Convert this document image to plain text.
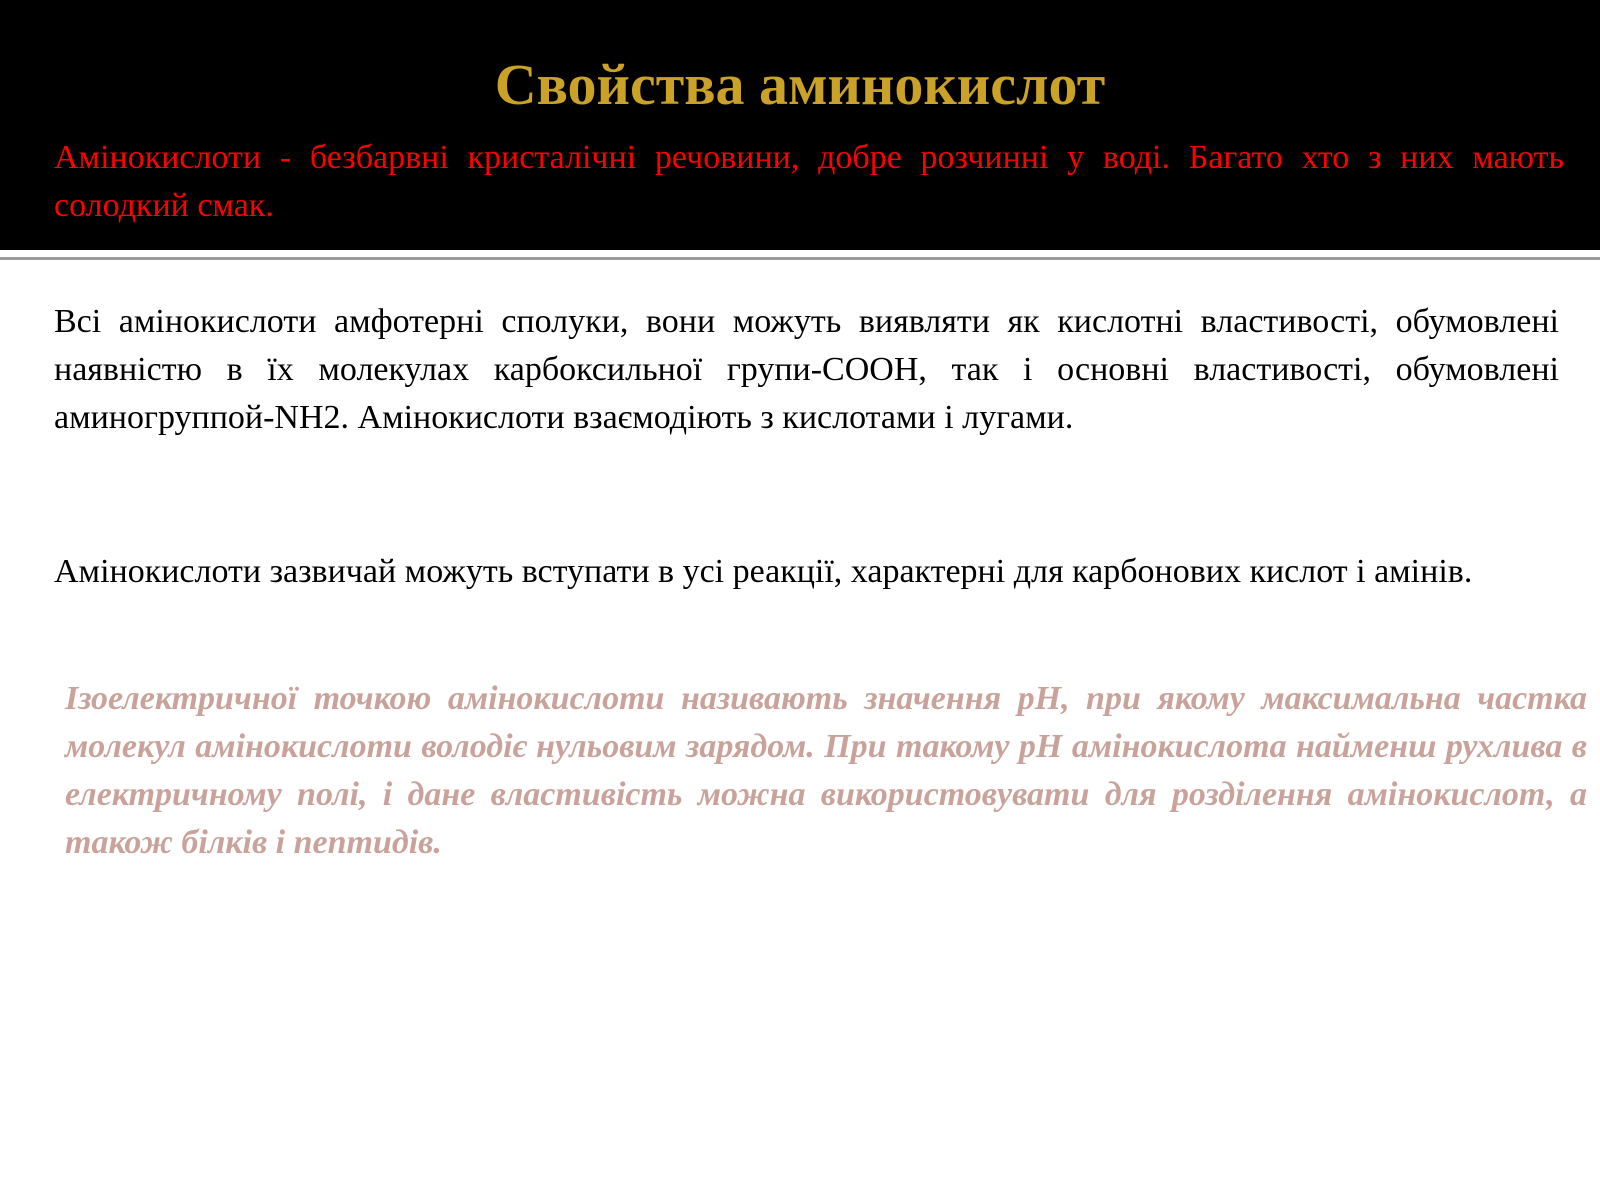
Свойства аминокислот

Амінокислоти - безбарвні кристалічні речовини, добре розчинні у воді. Багато хто з них мають солодкий смак.

Всі амінокислоти амфотерні сполуки, вони можуть виявляти як кислотні властивості, обумовлені наявністю в їх молекулах карбоксильної групи-СООН, так і основні властивості, обумовлені аминогруппой-NH2. Амінокислоти взаємодіють з кислотами і лугами.

Амінокислоти зазвичай можуть вступати в усі реакції, характерні для карбонових кислот і амінів.

Ізоелектричної точкою амінокислоти називають значення pH, при якому максимальна частка молекул амінокислоти володіє нульовим зарядом. При такому pH амінокислота найменш рухлива в електричному полі, і дане властивість можна використовувати для розділення амінокислот, а також білків і пептидів.
